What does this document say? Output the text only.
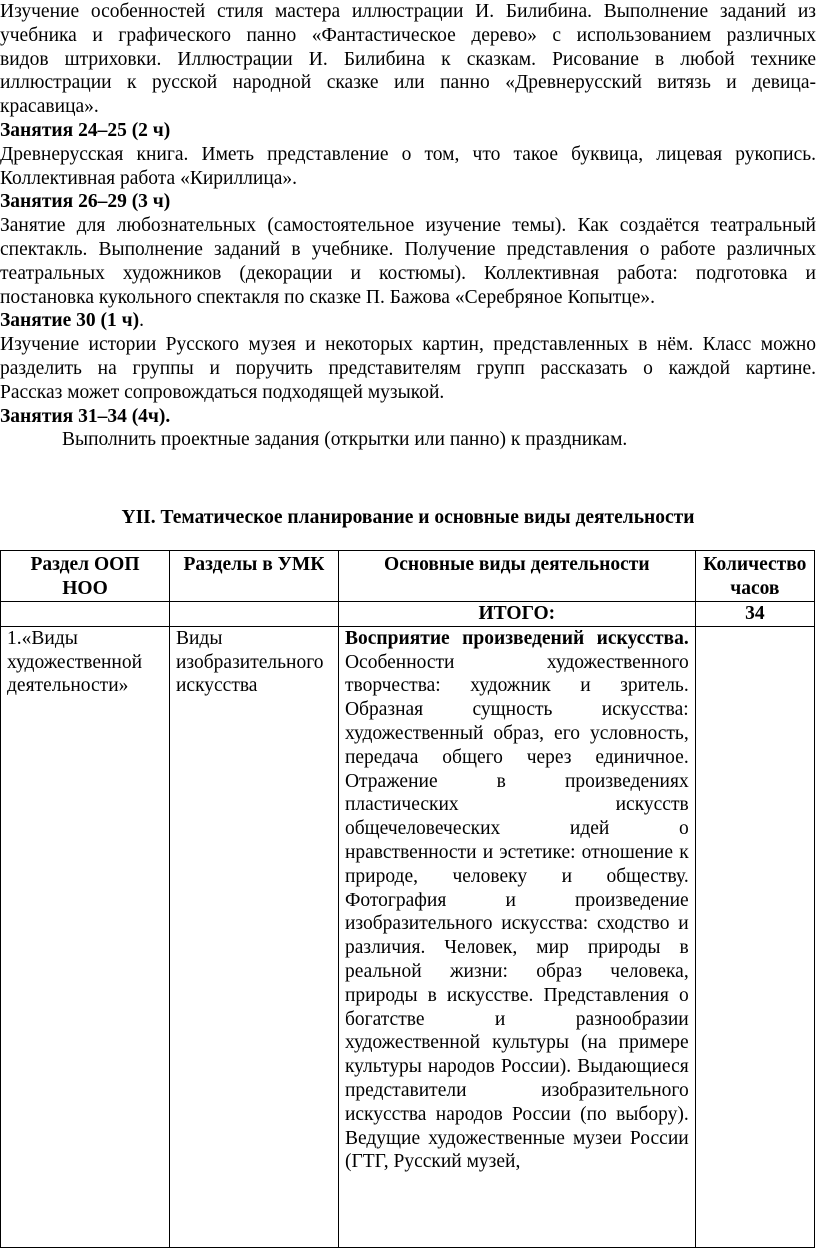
Изучение особенностей стиля мастера иллюстрации И. Билибина. Выполнение заданий из

учебника и графического панно «Фантастическое дерево» с использованием различных

видов штриховки. Иллюстрации И. Билибина к сказкам. Рисование в любой технике

иллюстрации к русской народной сказке или панно «Древнерусский витязь и девица-

красавица».

Занятия 24–25 (2 ч)

Древнерусская книга. Иметь представление о том, что такое буквица, лицевая рукопись.

Коллективная работа «Кириллица».

Занятия 26–29 (3 ч)

Занятие для любознательных (самостоятельное изучение темы). Как создаётся театральный

спектакль. Выполнение заданий в учебнике. Получение представления о работе различных

театральных художников (декорации и костюмы). Коллективная работа: подготовка и

постановка кукольного спектакля по сказке П. Бажова «Серебряное Копытце».

Занятие 30 (1 ч).

Изучение истории Русского музея и некоторых картин, представленных в нём. Класс можно

разделить на группы и поручить представителям групп рассказать о каждой картине.

Рассказ может сопровождаться подходящей музыкой.

Занятия 31–34 (4ч).

Выполнить проектные задания (открытки или панно) к праздникам.

YII. Тематическое планирование и основные виды деятельности
Раздел ООП НОО	Разделы в УМК	Основные виды деятельности	Количество часов
		ИТОГО:	34
1.«Виды художественной деятельности»	Виды изобразительного искусства	Восприятие произведений искусства. Особенности художественного творчества: художник и зритель. Образная сущность искусства: художественный образ, его условность, передача общего через единичное. Отражение в произведениях пластических искусств общечеловеческих идей о нравственности и эстетике: отношение к природе, человеку и обществу. Фотография и произведение изобразительного искусства: сходство и различия. Человек, мир природы в реальной жизни: образ человека, природы в искусстве. Представления о богатстве и разнообразии художественной культуры (на примере культуры народов России). Выдающиеся представители изобразительного искусства народов России (по выбору). Ведущие художественные музеи России (ГТГ, Русский музей,	
